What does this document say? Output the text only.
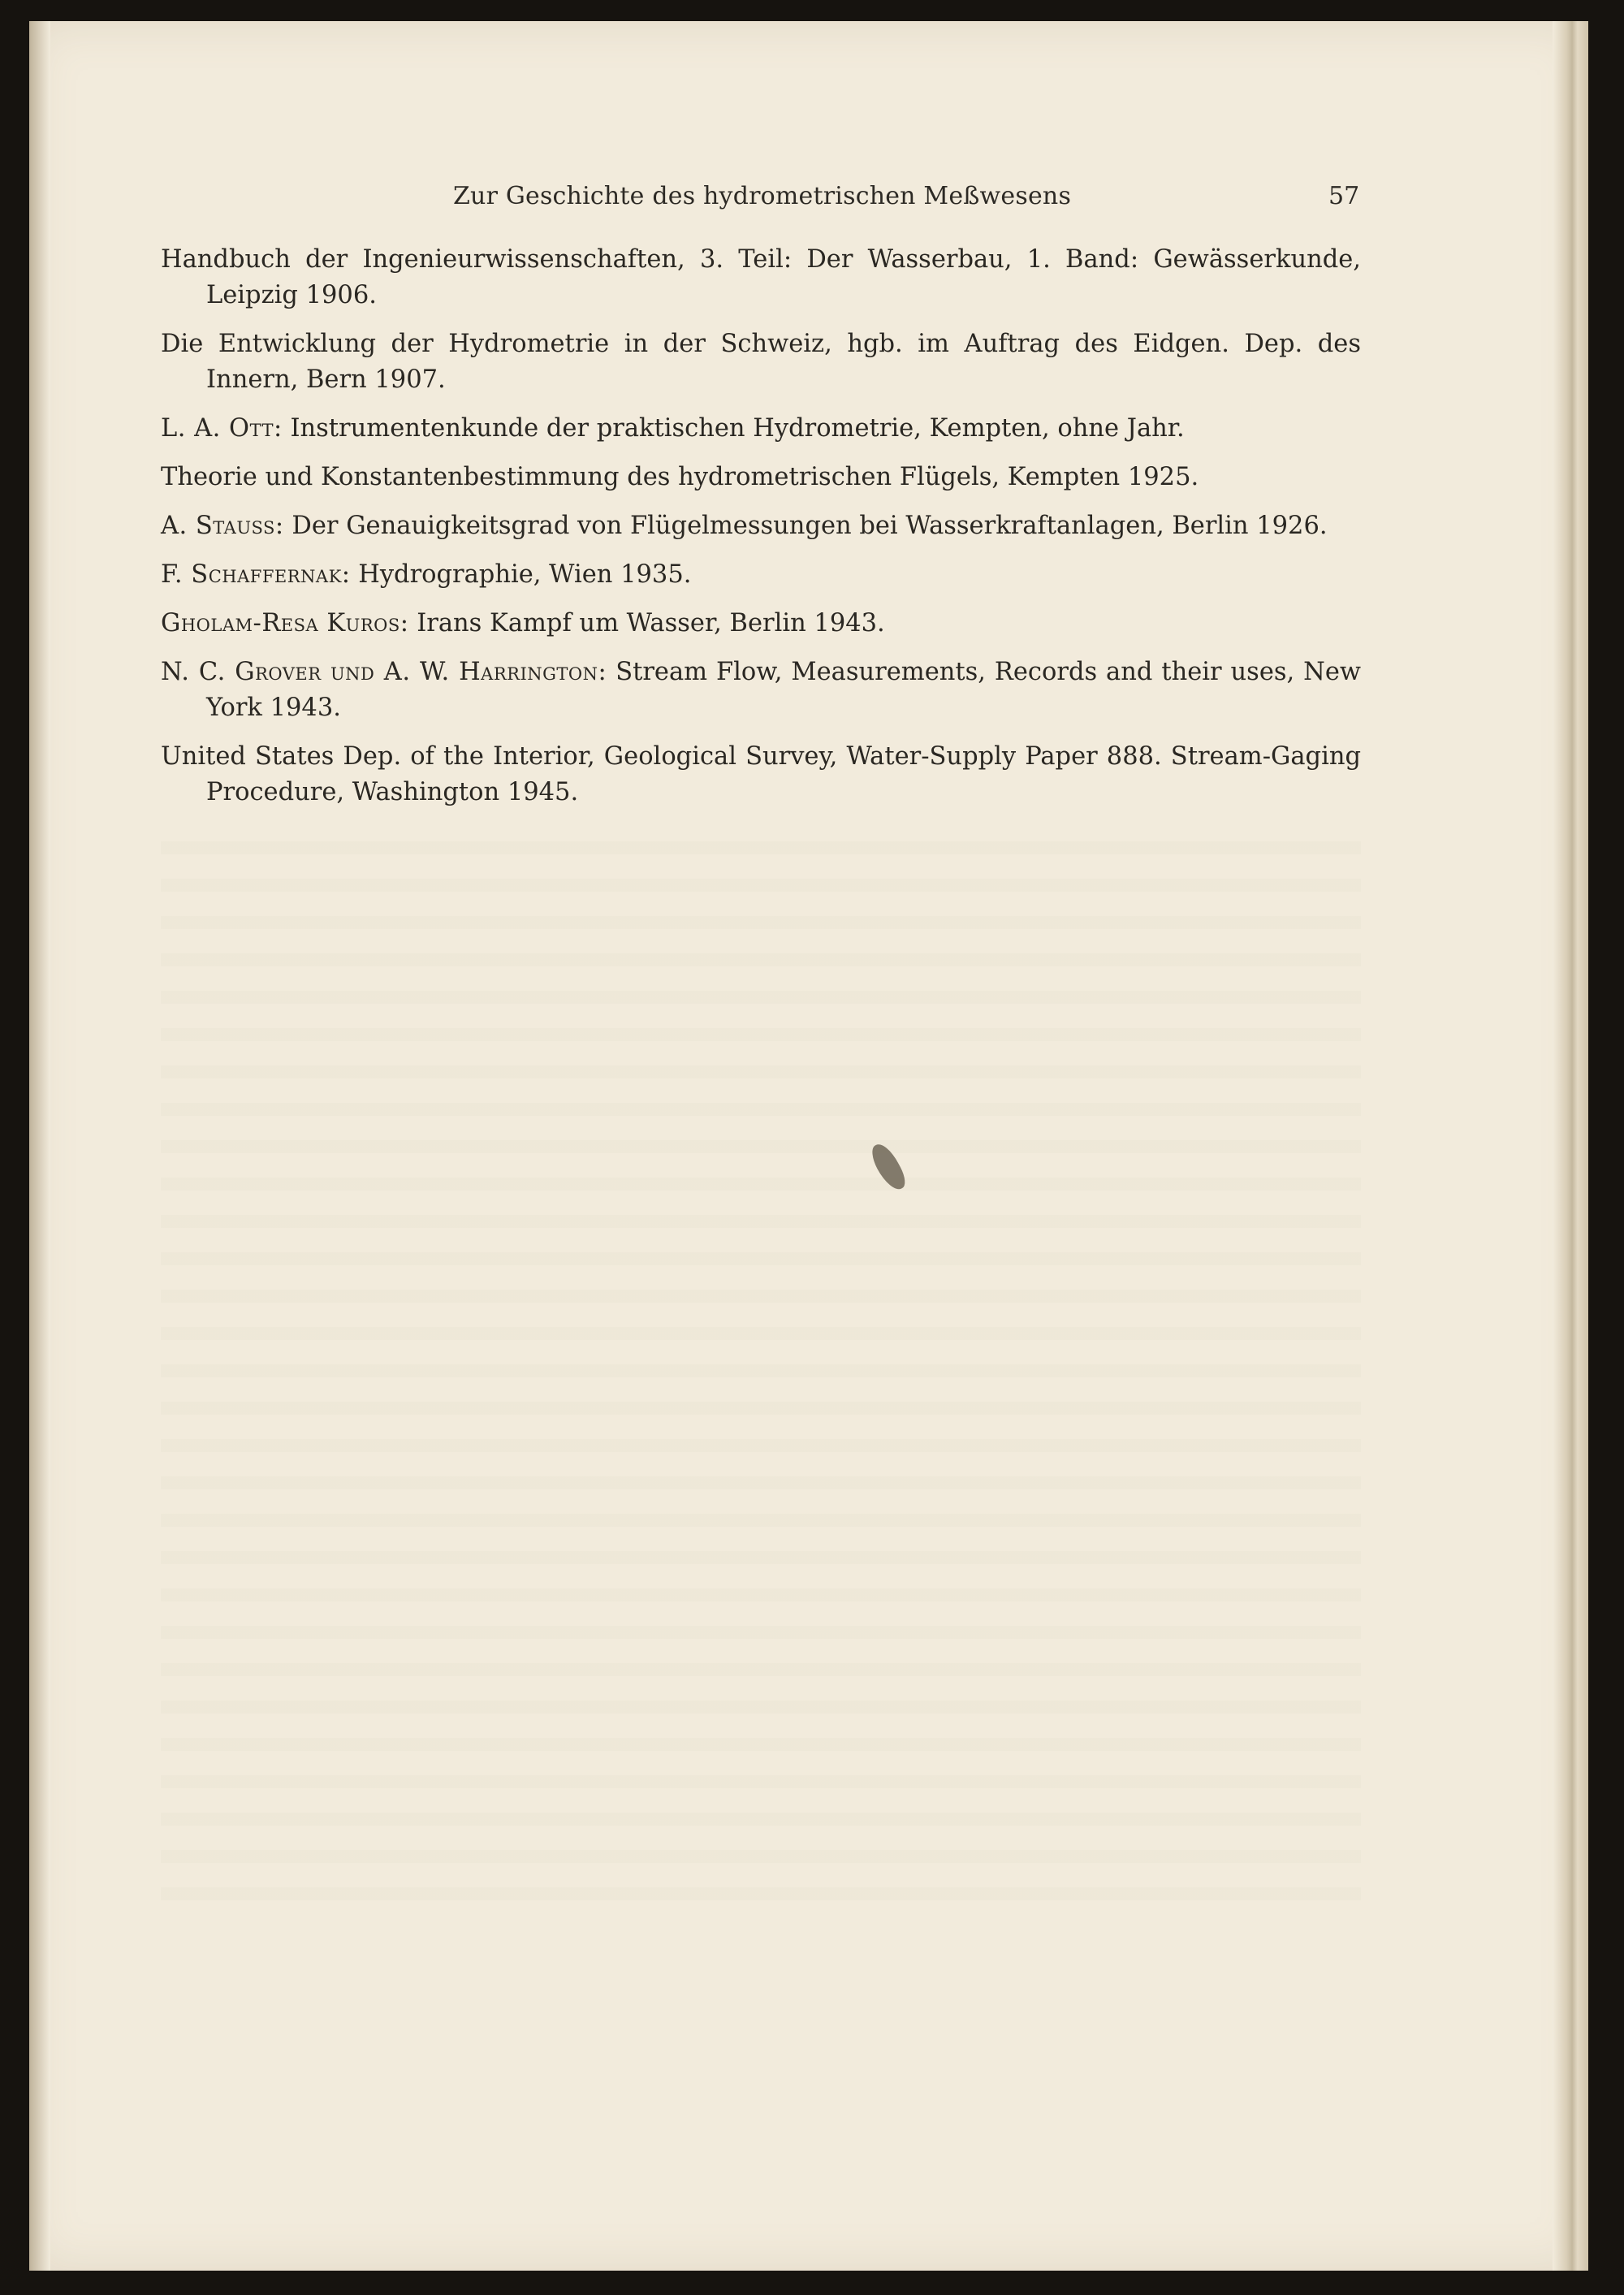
Zur Geschichte des hydrometrischen Meßwesens	57
Handbuch der Ingenieurwissenschaften, 3. Teil: Der Wasserbau, 1. Band: Gewässerkunde, Leipzig 1906.
Die Entwicklung der Hydrometrie in der Schweiz, hgb. im Auftrag des Eidgen. Dep. des Innern, Bern 1907.
L. A. Ott: Instrumentenkunde der praktischen Hydrometrie, Kempten, ohne Jahr.
Theorie und Konstantenbestimmung des hydrometrischen Flügels, Kempten 1925.
A. Stauss: Der Genauigkeitsgrad von Flügelmessungen bei Wasserkraftanlagen, Berlin 1926.
F. Schaffernak: Hydrographie, Wien 1935.
Gholam-Resa Kuros: Irans Kampf um Wasser, Berlin 1943.
N. C. Grover und A. W. Harrington: Stream Flow, Measurements, Records and their uses, New York 1943.
United States Dep. of the Interior, Geological Survey, Water-Supply Paper 888. Stream-Gaging Procedure, Washington 1945.
